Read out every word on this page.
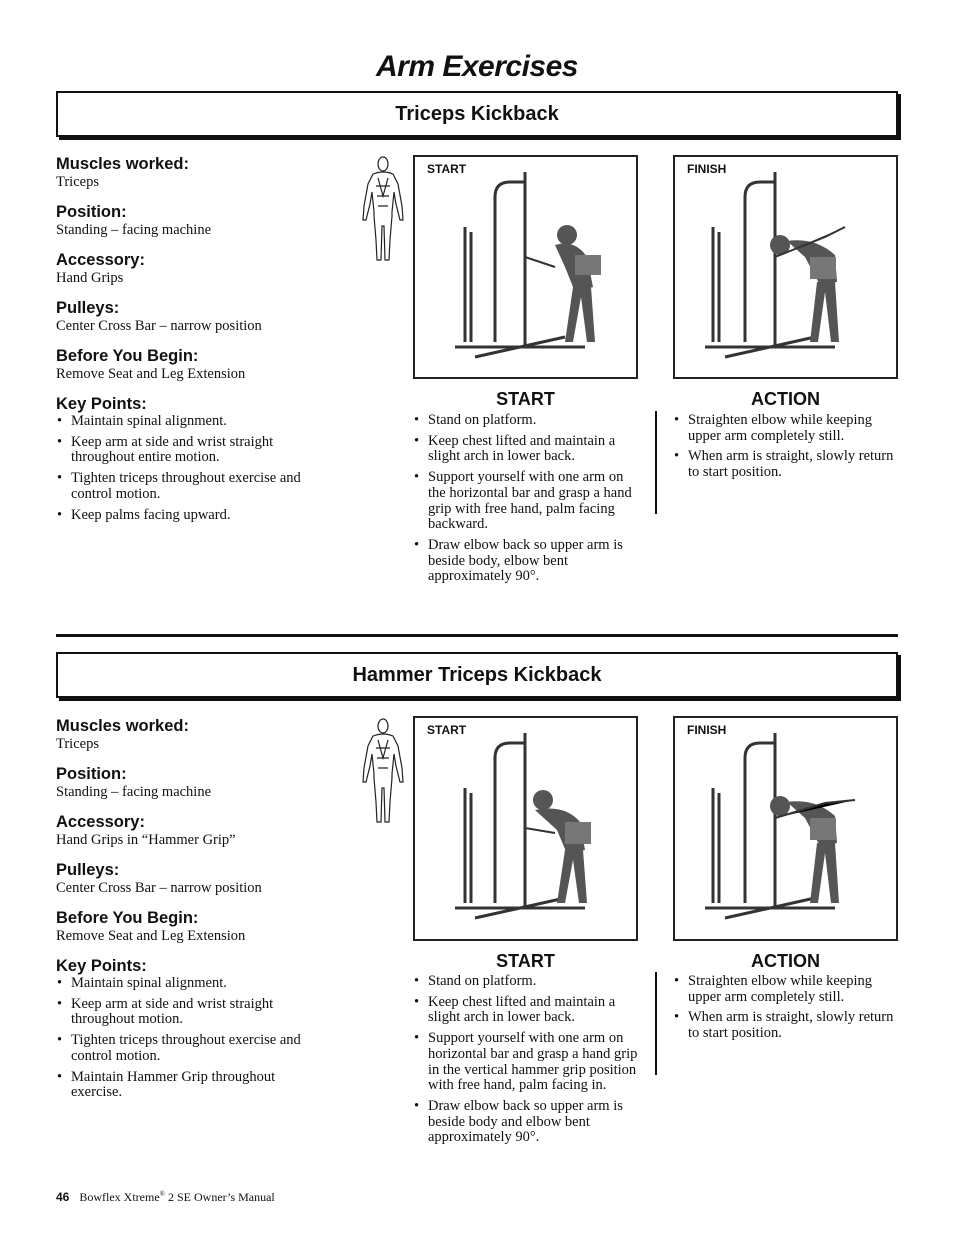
Arm Exercises
Triceps Kickback

Muscles worked:

Triceps

Position:

Standing – facing machine

Accessory:

Hand Grips

Pulleys:

Center Cross Bar – narrow position

Before You Begin:

Remove Seat and Leg Extension

Key Points:

• Maintain spinal alignment.
• Keep arm at side and wrist straight throughout entire motion.
• Tighten triceps throughout exercise and control motion.
• Keep palms facing upward.
START	FINISH
START	ACTION
• Stand on platform.
• Keep chest lifted and maintain a slight arch in lower back.
• Support yourself with one arm on the horizontal bar and grasp a hand grip with free hand, palm facing backward.
• Draw elbow back so upper arm is beside body, elbow bent approximately 90°.
• Straighten elbow while keeping upper arm completely still.
• When arm is straight, slowly return to start position.
Hammer Triceps Kickback

Muscles worked:

Triceps

Position:

Standing – facing machine

Accessory:

Hand Grips in “Hammer Grip”

Pulleys:

Center Cross Bar – narrow position

Before You Begin:

Remove Seat and Leg Extension

Key Points:

• Maintain spinal alignment.
• Keep arm at side and wrist straight throughout motion.
• Tighten triceps throughout exercise and control motion.
• Maintain Hammer Grip throughout exercise.
START	FINISH
START	ACTION
• Stand on platform.
• Keep chest lifted and maintain a slight arch in lower back.
• Support yourself with one arm on horizontal bar and grasp a hand grip in the vertical hammer grip position with free hand, palm facing in.
• Draw elbow back so upper arm is beside body and elbow bent approximately 90°.
• Straighten elbow while keeping upper arm completely still.
• When arm is straight, slowly return to start position.
46 Bowflex Xtreme® 2 SE Owner’s Manual
